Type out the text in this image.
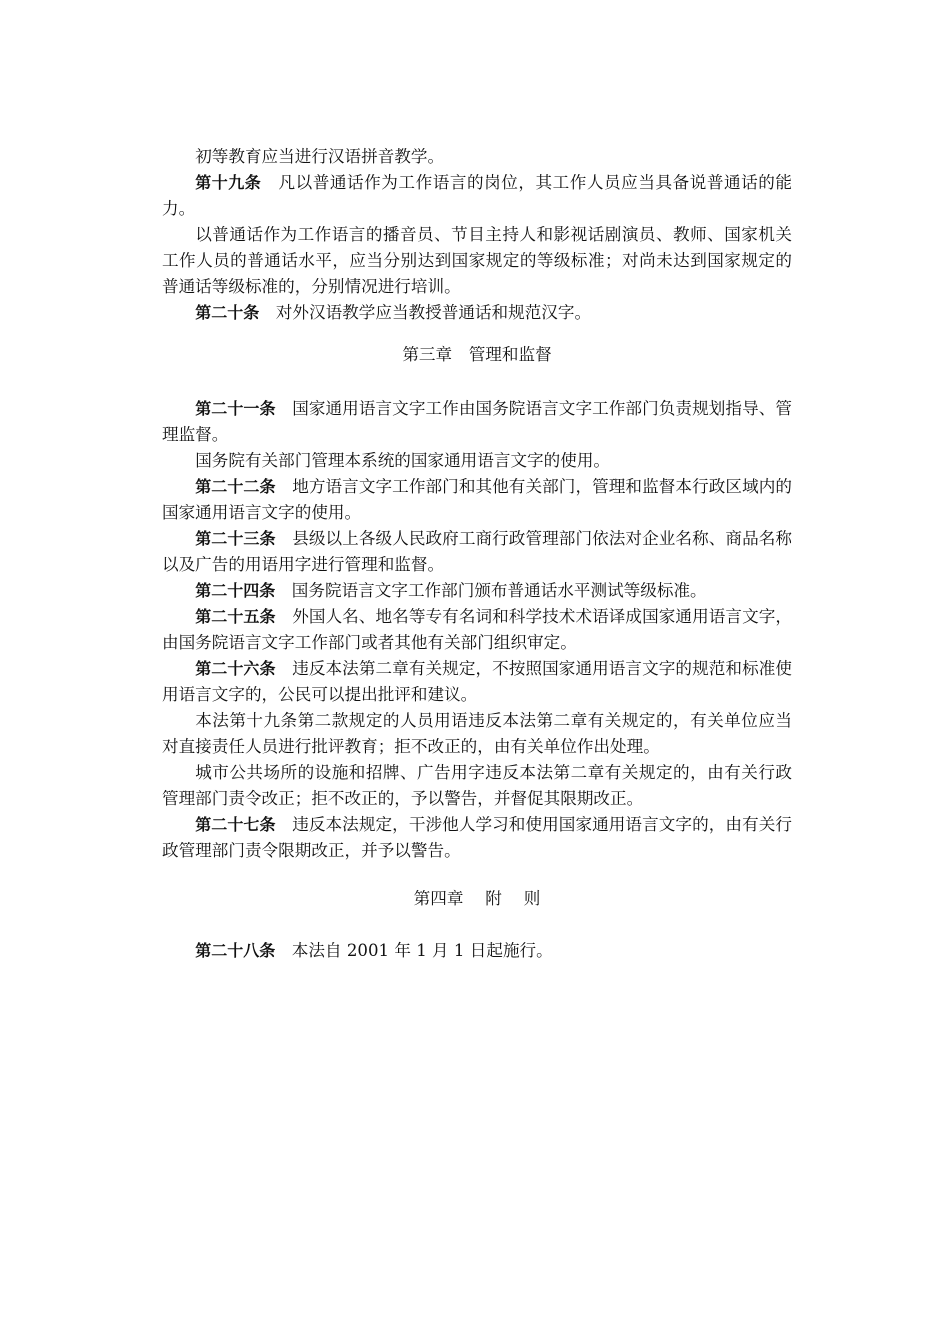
初等教育应当进行汉语拼音教学。

第十九条　凡以普通话作为工作语言的岗位，其工作人员应当具备说普通话的能力。

以普通话作为工作语言的播音员、节目主持人和影视话剧演员、教师、国家机关工作人员的普通话水平，应当分别达到国家规定的等级标准；对尚未达到国家规定的普通话等级标准的，分别情况进行培训。

第二十条　对外汉语教学应当教授普通话和规范汉字。

第三章　管理和监督

第二十一条　国家通用语言文字工作由国务院语言文字工作部门负责规划指导、管理监督。

国务院有关部门管理本系统的国家通用语言文字的使用。

第二十二条　地方语言文字工作部门和其他有关部门，管理和监督本行政区域内的国家通用语言文字的使用。

第二十三条　县级以上各级人民政府工商行政管理部门依法对企业名称、商品名称以及广告的用语用字进行管理和监督。

第二十四条　国务院语言文字工作部门颁布普通话水平测试等级标准。

第二十五条　外国人名、地名等专有名词和科学技术术语译成国家通用语言文字，由国务院语言文字工作部门或者其他有关部门组织审定。

第二十六条　违反本法第二章有关规定，不按照国家通用语言文字的规范和标准使用语言文字的，公民可以提出批评和建议。

本法第十九条第二款规定的人员用语违反本法第二章有关规定的，有关单位应当对直接责任人员进行批评教育；拒不改正的，由有关单位作出处理。

城市公共场所的设施和招牌、广告用字违反本法第二章有关规定的，由有关行政管理部门责令改正；拒不改正的，予以警告，并督促其限期改正。

第二十七条　违反本法规定，干涉他人学习和使用国家通用语言文字的，由有关行政管理部门责令限期改正，并予以警告。

第四章　 附　 则

第二十八条　本法自 2001 年 1 月 1 日起施行。
